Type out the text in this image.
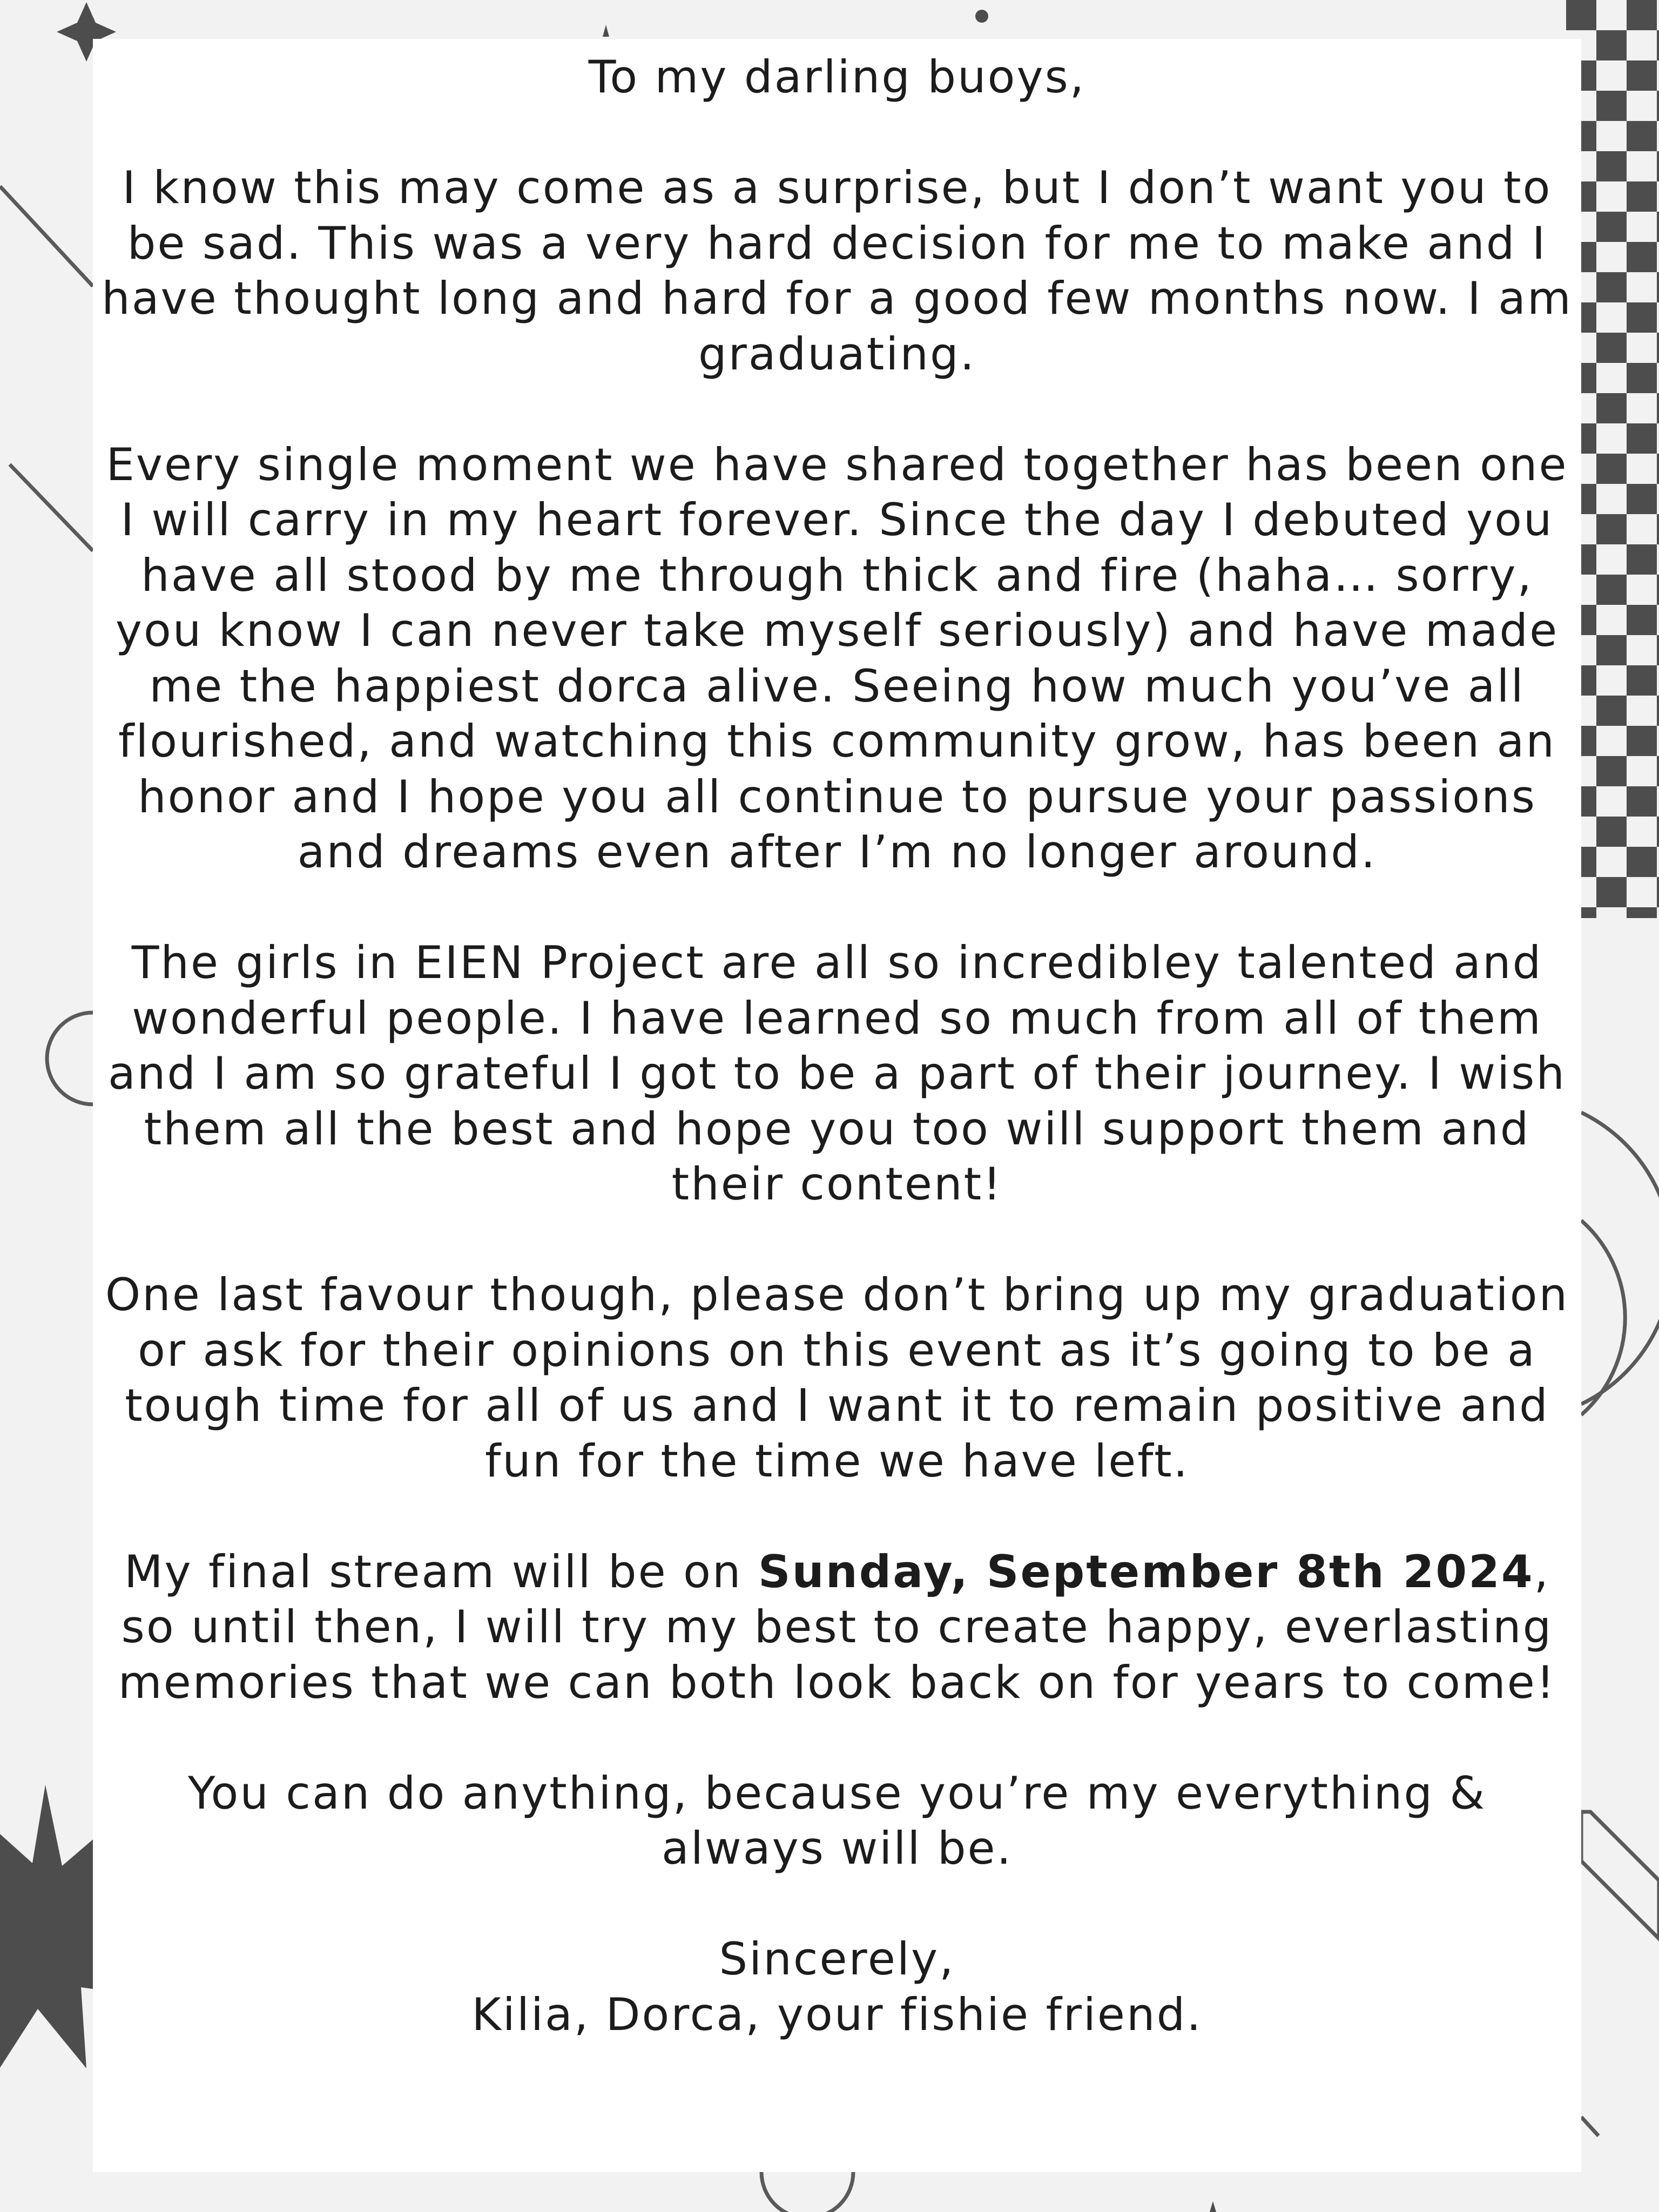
To my darling buoys,

I know this may come as a surprise, but I don’t want you to be sad. This was a very hard decision for me to make and I have thought long and hard for a good few months now. I am graduating.

Every single moment we have shared together has been one I will carry in my heart forever. Since the day I debuted you have all stood by me through thick and fire (haha… sorry, you know I can never take myself seriously) and have made me the happiest dorca alive. Seeing how much you’ve all flourished, and watching this community grow, has been an honor and I hope you all continue to pursue your passions and dreams even after I’m no longer around.

The girls in EIEN Project are all so incredibley talented and wonderful people. I have learned so much from all of them and I am so grateful I got to be a part of their journey. I wish them all the best and hope you too will support them and their content!

One last favour though, please don’t bring up my graduation or ask for their opinions on this event as it’s going to be a tough time for all of us and I want it to remain positive and fun for the time we have left.

My final stream will be on Sunday, September 8th 2024, so until then, I will try my best to create happy, everlasting memories that we can both look back on for years to come!

You can do anything, because you’re my everything & always will be.

Sincerely,
Kilia, Dorca, your fishie friend.
